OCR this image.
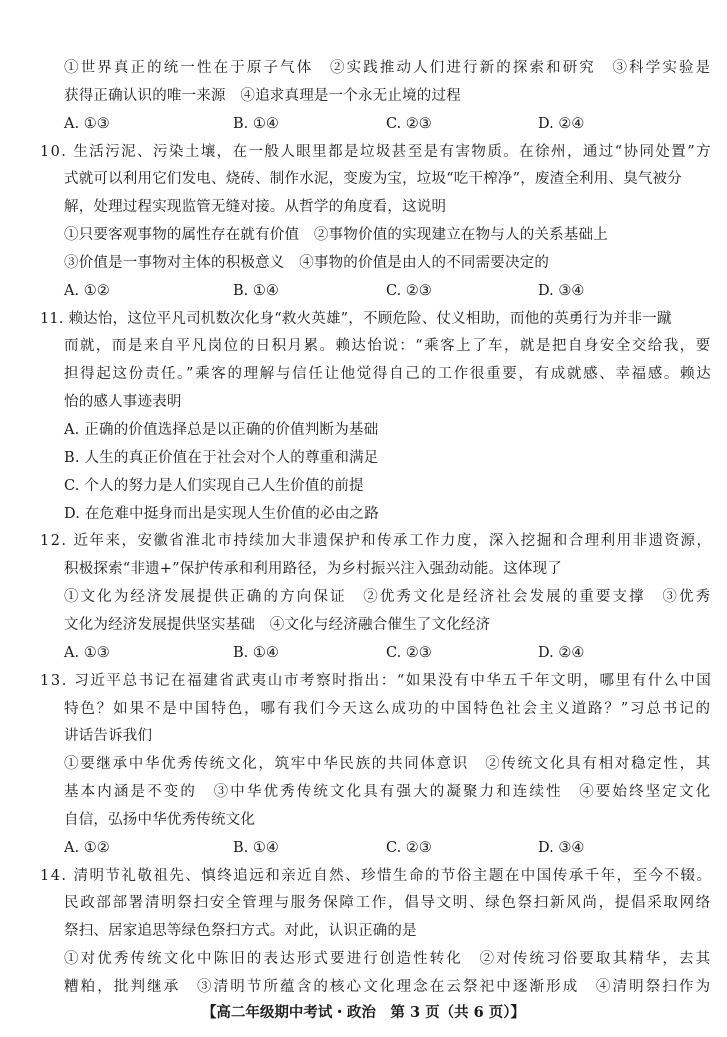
①世界真正的统一性在于原子气体　②实践推动人们进行新的探索和研究　③科学实验是
获得正确认识的唯一来源　④追求真理是一个永无止境的过程
A. ①③	B. ①④	C. ②③	D. ②④
10. 生活污泥、污染土壤，在一般人眼里都是垃圾甚至是有害物质。在徐州，通过“协同处置”方
式就可以利用它们发电、烧砖、制作水泥，变废为宝，垃圾“吃干榨净”，废渣全利用、臭气被分
解，处理过程实现监管无缝对接。从哲学的角度看，这说明
①只要客观事物的属性存在就有价值　②事物价值的实现建立在物与人的关系基础上
③价值是一事物对主体的积极意义　④事物的价值是由人的不同需要决定的
A. ①②	B. ①④	C. ②③	D. ③④
11. 赖达怡，这位平凡司机数次化身“救火英雄”，不顾危险、仗义相助，而他的英勇行为并非一蹴
而就，而是来自平凡岗位的日积月累。赖达怡说：“乘客上了车，就是把自身安全交给我，要
担得起这份责任。”乘客的理解与信任让他觉得自己的工作很重要，有成就感、幸福感。赖达
怡的感人事迹表明
A. 正确的价值选择总是以正确的价值判断为基础
B. 人生的真正价值在于社会对个人的尊重和满足
C. 个人的努力是人们实现自己人生价值的前提
D. 在危难中挺身而出是实现人生价值的必由之路
12. 近年来，安徽省淮北市持续加大非遗保护和传承工作力度，深入挖掘和合理利用非遗资源，
积极探索“非遗+”保护传承和利用路径，为乡村振兴注入强劲动能。这体现了
①文化为经济发展提供正确的方向保证　②优秀文化是经济社会发展的重要支撑　③优秀
文化为经济发展提供坚实基础　④文化与经济融合催生了文化经济
A. ①③	B. ①④	C. ②③	D. ②④
13. 习近平总书记在福建省武夷山市考察时指出：“如果没有中华五千年文明，哪里有什么中国
特色？如果不是中国特色，哪有我们今天这么成功的中国特色社会主义道路？”习总书记的
讲话告诉我们
①要继承中华优秀传统文化，筑牢中华民族的共同体意识　②传统文化具有相对稳定性，其
基本内涵是不变的　③中华优秀传统文化具有强大的凝聚力和连续性　④要始终坚定文化
自信，弘扬中华优秀传统文化
A. ①②	B. ①④	C. ②③	D. ③④
14. 清明节礼敬祖先、慎终追远和亲近自然、珍惜生命的节俗主题在中国传承千年，至今不辍。
民政部部署清明祭扫安全管理与服务保障工作，倡导文明、绿色祭扫新风尚，提倡采取网络
祭扫、居家追思等绿色祭扫方式。对此，认识正确的是
①对优秀传统文化中陈旧的表达形式要进行创造性转化　②对传统习俗要取其精华，去其
【高二年级期中考试・政治　第 3 页（共 6 页）】
糟粕，批判继承　③清明节所蕴含的核心文化理念在云祭祀中逐渐形成　④清明祭扫作为
